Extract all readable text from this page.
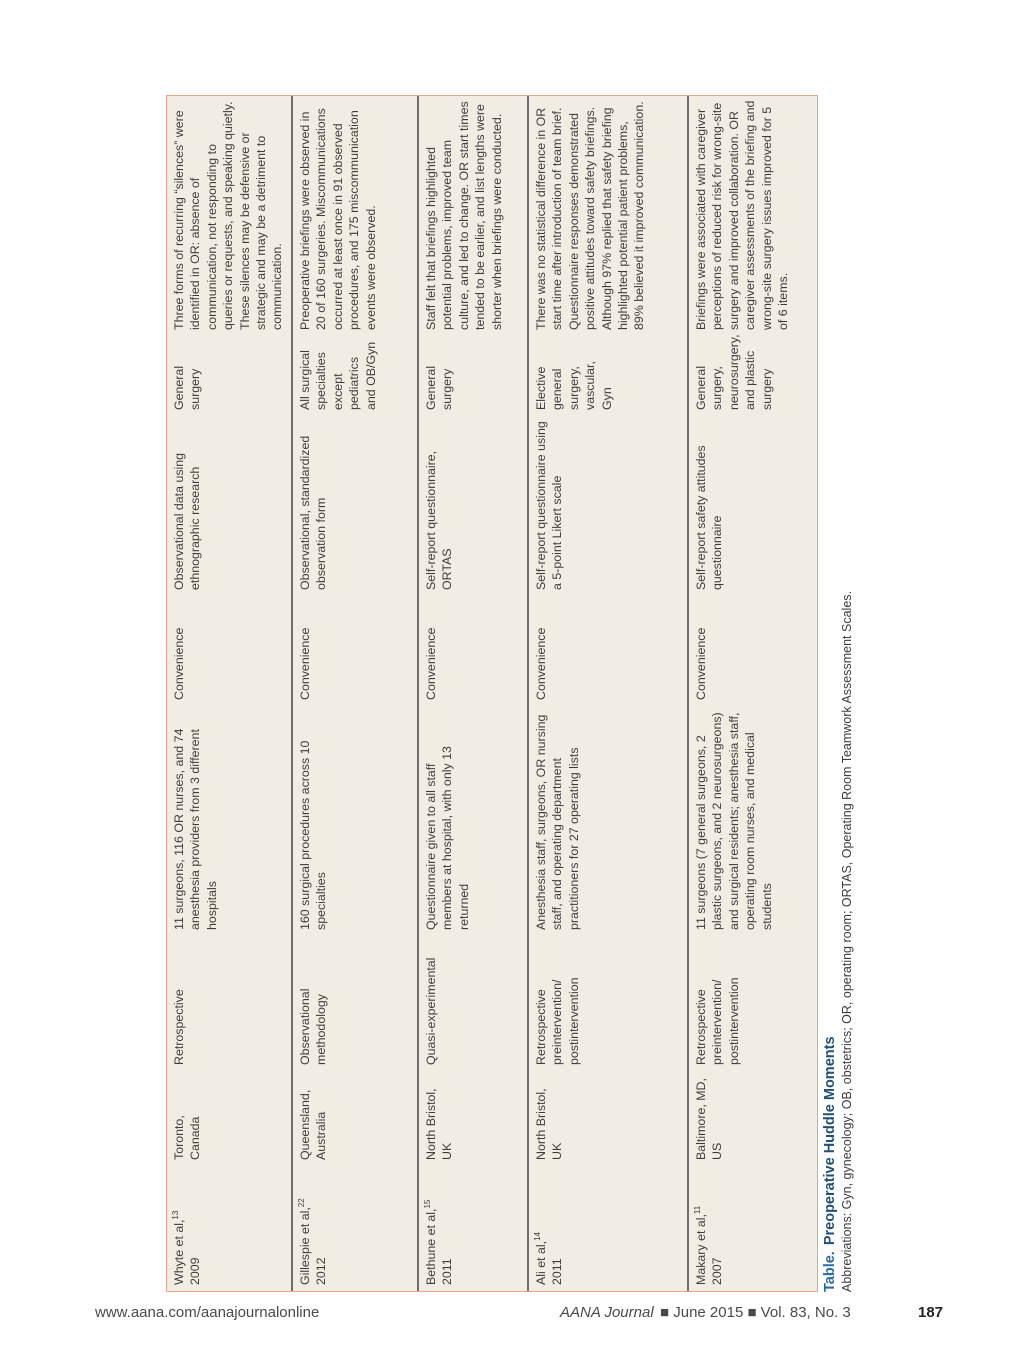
Whyte et al,$^{13}$
2009
Toronto, Canada
Retrospective
11 surgeons, 116 OR nurses, and 74 anesthesia providers from 3 different hospitals
Convenience
Observational data using ethnographic research
General surgery
Three forms of recurring “silences” were identified in OR: absence of communication, not responding to queries or requests, and speaking quietly. These silences may be defensive or strategic and may be a detriment to communication.
Gillespie et al,$^{22}$ 2012
Queensland, Australia
Observational methodology
160 surgical procedures across 10 specialties
Convenience
Observational, standardized observation form
All surgical specialties except pediatrics and OB/Gyn
Preoperative briefings were observed in 20 of 160 surgeries. Miscommunications occurred at least once in 91 observed procedures, and 175 miscommunication events were observed.
Bethune et al,$^{15}$ 2011
North Bristol, UK
Quasi-experimental
Questionnaire given to all staff members at hospital, with only 13 returned
Convenience
Self-report questionnaire, ORTAS
General surgery
Staff felt that briefings highlighted potential problems, improved team culture, and led to change. OR start times tended to be earlier, and list lengths were shorter when briefings were conducted.
Ali et al,$^{14}$
2011
North Bristol, UK
Retrospective preintervention/ postintervention
Anesthesia staff, surgeons, OR nursing staff, and operating department practitioners for 27 operating lists
Convenience
Self-report questionnaire using a 5-point Likert scale
Elective general surgery, vascular, Gyn
There was no statistical difference in OR start time after introduction of team brief. Questionnaire responses demonstrated positive attitudes toward safety briefings. Although 97% replied that safety briefing highlighted potential patient problems, 89% believed it improved communication.
Makary et al,$^{11}$
2007
Baltimore, MD, US
Retrospective preintervention/ postintervention
11 surgeons (7 general surgeons, 2 plastic surgeons, and 2 neurosurgeons) and surgical residents; anesthesia staff, operating room nurses, and medical students
Convenience
Self-report safety attitudes questionnaire
General surgery, neurosurgery, and plastic surgery
Briefings were associated with caregiver perceptions of reduced risk for wrong-site surgery and improved collaboration. OR caregiver assessments of the briefing and wrong-site surgery issues improved for 5 of 6 items.
Table.Preoperative Huddle Moments Abbreviations: Gyn, gynecology; OB, obstetrics; OR, operating room; ORTAS, Operating Room Teamwork Assessment Scales.
www.aana.com/aanajournalonline	AANA Journal ■ June 2015 ■ Vol. 83, No. 3	187
